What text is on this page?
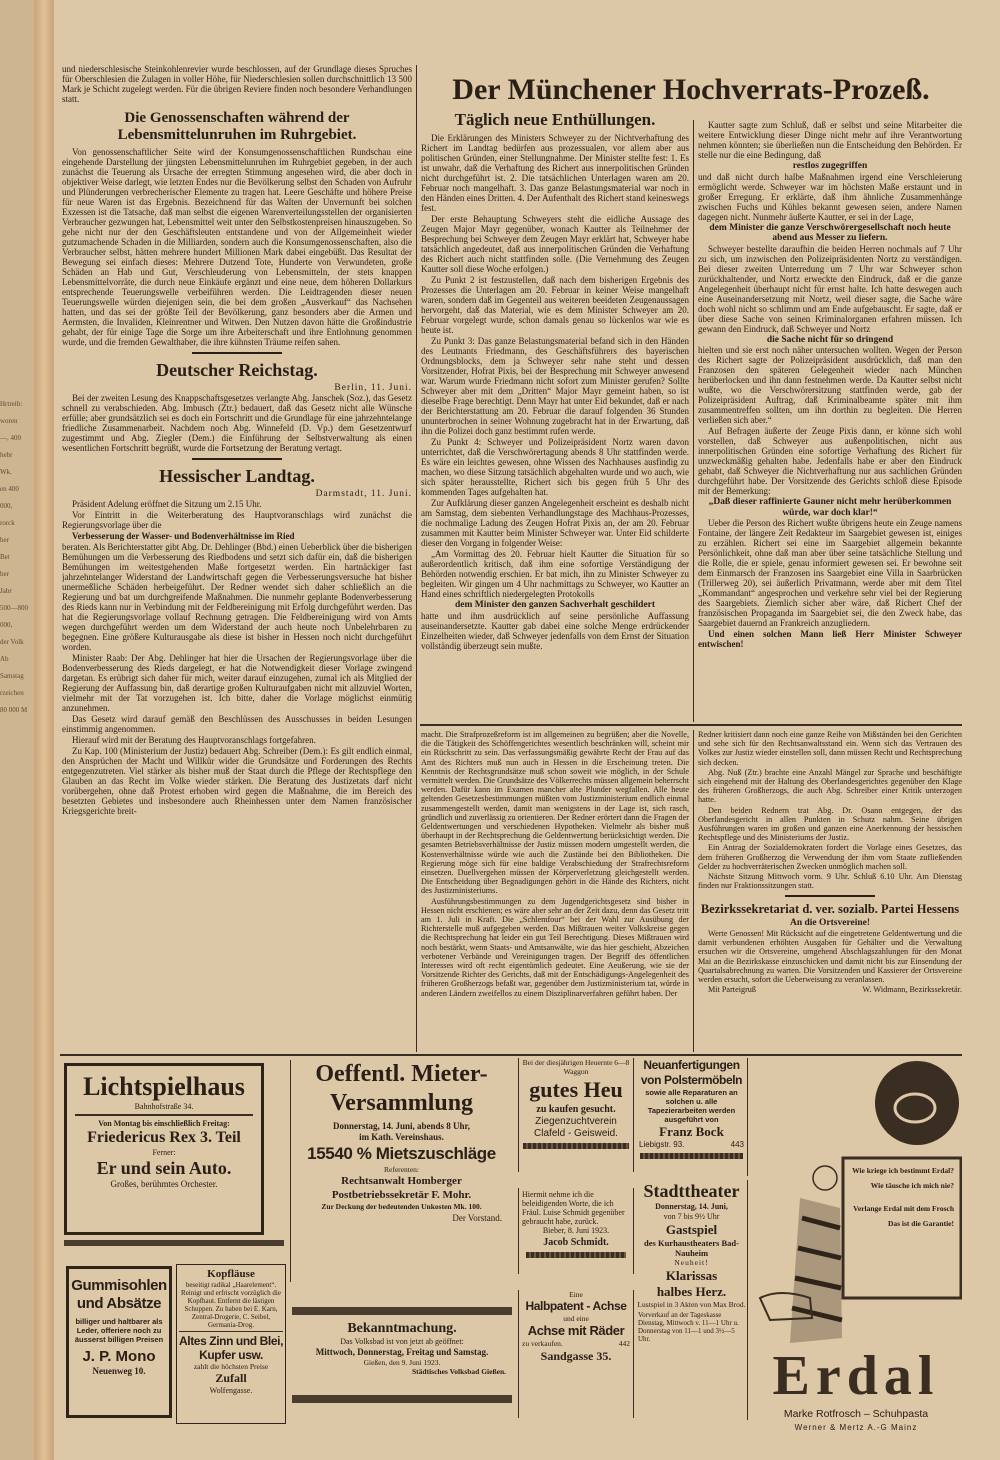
Hrtreib:

woren

—, 400

hebr

Wk.

en 400

000,

rorck

ber

Bet

ber

Jabr

500—800

000,

der Volk

Ab

Samstag

rzeichen

80 000 M

und niederschlesische Steinkohlenrevier wurde beschlossen, auf der Grundlage dieses Spruches für Oberschlesien die Zulagen in voller Höhe, für Niederschlesien sollen durchschnittlich 13 500 Mark je Schicht zugelegt werden. Für die übrigen Reviere finden noch besondere Verhandlungen statt.

Die Genossenschaften während der Lebensmittelunruhen im Ruhrgebiet.

Von genossenschaftlicher Seite wird der Konsumgenossenschaftlichen Rundschau eine eingehende Darstellung der jüngsten Lebensmittelunruhen im Ruhrgebiet gegeben, in der auch zunächst die Teuerung als Ursache der erregten Stimmung angesehen wird, die aber doch in objektiver Weise darlegt, wie letzten Endes nur die Bevölkerung selbst den Schaden von Aufruhr und Plünderungen verbrecherischer Elemente zu tragen hat. Leere Geschäfte und höhere Preise für neue Waren ist das Ergebnis. Bezeichnend für das Walten der Unvernunft bei solchen Exzessen ist die Tatsache, daß man selbst die eigenen Warenverteilungsstellen der organisierten Verbraucher gezwungen hat, Lebensmittel weit unter den Selbstkostenpreisen hinauszugeben. So gehe nicht nur der den Geschäftsleuten entstandene und von der Allgemeinheit wieder gutzumachende Schaden in die Milliarden, sondern auch die Konsumgenossenschaften, also die Verbraucher selbst, hätten mehrere hundert Millionen Mark dabei eingebüßt. Das Resultat der Bewegung sei einfach dieses: Mehrere Dutzend Tote, Hunderte von Verwundeten, große Schäden an Hab und Gut, Verschleuderung von Lebensmitteln, der stets knappen Lebensmittelvorräte, die durch neue Einkäufe ergänzt und eine neue, dem höheren Dollarkurs entsprechende Teuerungswelle verbeiführen werden. Die Leidtragenden dieser neuen Teuerungswelle würden diejenigen sein, die bei dem großen „Ausverkauf“ das Nachsehen hatten, und das sei der größte Teil der Bevölkerung, ganz besonders aber die Armen und Aermsten, die Invaliden, Kleinrentner und Witwen. Den Nutzen davon hätte die Großindustrie gehabt, der für einige Tage die Sorge um ihre Arbeiterschaft und ihre Entlohnung genommen wurde, und die fremden Gewalthaber, die ihre kühnsten Träume reifen sahen.

Deutscher Reichstag.
Berlin, 11. Juni.

Bei der zweiten Lesung des Knappschaftsgesetzes verlangte Abg. Janschek (Soz.), das Gesetz schnell zu verabschieden. Abg. Imbusch (Ztr.) bedauert, daß das Gesetz nicht alle Wünsche erfülle; aber grundsätzlich sei es doch ein Fortschritt und die Grundlage für eine jahrzehntelange friedliche Zusammenarbeit. Nachdem noch Abg. Winnefeld (D. Vp.) dem Gesetzentwurf zugestimmt und Abg. Ziegler (Dem.) die Einführung der Selbstverwaltung als einen wesentlichen Fortschritt begrüßt, wurde die Fortsetzung der Beratung vertagt.

Hessischer Landtag.
Darmstadt, 11. Juni.

Präsident Adelung eröffnet die Sitzung um 2.15 Uhr.

Vor Eintritt in die Weiterberatung des Hauptvoranschlags wird zunächst die Regierungsvorlage über die

Verbesserung der Wasser- und Bodenverhältnisse im Ried

beraten. Als Berichterstatter gibt Abg. Dr. Dehlinger (Bbd.) einen Ueberblick über die bisherigen Bemühungen um die Verbesserung des Riedbodens und setzt sich dafür ein, daß die bisherigen Bemühungen im weitestgehenden Maße fortgesetzt werden. Ein hartnäckiger fast jahrzehntelanger Widerstand der Landwirtschaft gegen die Verbesserungsversuche hat bisher unermeßliche Schäden herbeigeführt. Der Redner wendet sich daher schließlich an die Regierung und bat um durchgreifende Maßnahmen. Die nunmehr geplante Bodenverbesserung des Rieds kann nur in Verbindung mit der Feldbereinigung mit Erfolg durchgeführt werden. Das hat die Regierungsvorlage vollauf Rechnung getragen. Die Feldbereinigung wird von Amts wegen durchgeführt werden um dem Widerstand der auch heute noch Unbelehrbaren zu begegnen. Eine größere Kulturausgabe als diese ist bisher in Hessen noch nicht durchgeführt worden.

Minister Raab: Der Abg. Dehlinger hat hier die Ursachen der Regierungsvorlage über die Bodenverbesserung des Rieds dargelegt, er hat die Notwendigkeit dieser Vorlage zwingend dargetan. Es erübrigt sich daher für mich, weiter darauf einzugehen, zumal ich als Mitglied der Regierung der Auffassung bin, daß derartige großen Kulturaufgaben nicht mit allzuviel Worten, vielmehr mit der Tat vorzugehen ist. Ich bitte, daher die Vorlage möglichst einmütig anzunehmen.

Das Gesetz wird darauf gemäß den Beschlüssen des Ausschusses in beiden Lesungen einstimmig angenommen.

Hierauf wird mit der Beratung des Hauptvoranschlags fortgefahren.

Zu Kap. 100 (Ministerium der Justiz) bedauert Abg. Schreiber (Dem.): Es gilt endlich einmal, den Ansprüchen der Macht und Willkür wider die Grundsätze und Forderungen des Rechts entgegenzutreten. Viel stärker als bisher muß der Staat durch die Pflege der Rechtspflege den Glauben an das Recht im Volke wieder stärken. Die Beratung des Justizetats darf nicht vorübergehen, ohne daß Protest erhoben wird gegen die Maßnahme, die im Bereich des besetzten Gebietes und insbesondere auch Rheinhessen unter dem Namen französischer Kriegsgerichte breit-

Der Münchener Hochverrats-Prozeß.
Täglich neue Enthüllungen.

Die Erklärungen des Ministers Schweyer zu der Nichtverhaftung des Richert im Landtag bedürfen aus prozessualen, vor allem aber aus politischen Gründen, einer Stellungnahme. Der Minister stellte fest: 1. Es ist unwahr, daß die Verhaftung des Richert aus innerpolitischen Gründen nicht durchgeführt ist. 2. Die tatsächlichen Unterlagen waren am 20. Februar noch mangelhaft. 3. Das ganze Belastungsmaterial war noch in den Händen eines Dritten. 4. Der Aufenthalt des Richert stand keineswegs fest.

Der erste Behauptung Schweyers steht die eidliche Aussage des Zeugen Major Mayr gegenüber, wonach Kautter als Teilnehmer der Besprechung bei Schweyer dem Zeugen Mayr erklärt hat, Schweyer habe tatsächlich angedeutet, daß aus innerpolitischen Gründen die Verhaftung des Richert auch nicht stattfinden solle. (Die Vernehmung des Zeugen Kautter soll diese Woche erfolgen.)

Zu Punkt 2 ist festzustellen, daß nach dem bisherigen Ergebnis des Prozesses die Unterlagen am 20. Februar in keiner Weise mangelhaft waren, sondern daß im Gegenteil aus weiteren beeideten Zeugenaussagen hervorgeht, daß das Material, wie es dem Minister Schweyer am 20. Februar vorgelegt wurde, schon damals genau so lückenlos war wie es heute ist.

Zu Punkt 3: Das ganze Belastungsmaterial befand sich in den Händen des Leutnants Friedmann, des Geschäftsführers des bayerischen Ordnungsblocks, dem ja Schweyer sehr nahe steht und dessen Vorsitzender, Hofrat Pixis, bei der Besprechung mit Schweyer anwesend war. Warum wurde Friedmann nicht sofort zum Minister gerufen? Sollte Schweyer aber mit dem „Dritten“ Major Mayr gemeint haben, so ist dieselbe Frage berechtigt. Denn Mayr hat unter Eid bekundet, daß er nach der Berichterstattung am 20. Februar die darauf folgenden 36 Stunden ununterbrochen in seiner Wohnung zugebracht hat in der Erwartung, daß ihn die Polizei doch ganz bestimmt rufen werde.

Zu Punkt 4: Schweyer und Polizeipräsident Nortz waren davon unterrichtet, daß die Verschwörertagung abends 8 Uhr stattfinden werde. Es wäre ein leichtes gewesen, ohne Wissen des Nachhauses ausfindig zu machen, wo diese Sitzung tatsächlich abgehalten wurde und wo auch, wie sich später herausstellte, Richert sich bis gegen früh 5 Uhr des kommenden Tages aufgehalten hat.

Zur Aufklärung dieser ganzen Angelegenheit erscheint es deshalb nicht am Samstag, dem siebenten Verhandlungstage des Machhaus-Prozesses, die nochmalige Ladung des Zeugen Hofrat Pixis an, der am 20. Februar zusammen mit Kautter beim Minister Schweyer war. Unter Eid schilderte dieser den Vorgang in folgender Weise:

„Am Vormittag des 20. Februar hielt Kautter die Situation für so außerordentlich kritisch, daß ihm eine sofortige Verständigung der Behörden notwendig erschien. Er bat mich, ihn zu Minister Schweyer zu begleiten. Wir gingen um 4 Uhr nachmittags zu Schweyer, wo Kautter an Hand eines schriftlich niedergelegten Protokolls

dem Minister den ganzen Sachverhalt geschildert

hatte und ihm ausdrücklich auf seine persönliche Auffassung auseinandersetzte. Kautter gab dabei eine solche Menge erdrückender Einzelheiten wieder, daß Schweyer jedenfalls von dem Ernst der Situation vollständig überzeugt sein mußte.

Kautter sagte zum Schluß, daß er selbst und seine Mitarbeiter die weitere Entwicklung dieser Dinge nicht mehr auf ihre Verantwortung nehmen könnten; sie überließen nun die Entscheidung den Behörden. Er stelle nur die eine Bedingung, daß

restlos zugegriffen

und daß nicht durch halbe Maßnahmen irgend eine Verschleierung ermöglicht werde. Schweyer war im höchsten Maße erstaunt und in großer Erregung. Er erklärte, daß ihm ähnliche Zusammenhänge zwischen Fuchs und Kühles bekannt gewesen seien, andere Namen dagegen nicht. Nunmehr äußerte Kautter, er sei in der Lage,

dem Minister die ganze Verschwörergesellschaft noch heute abend aus Messer zu liefern.

Schweyer bestellte daraufhin die beiden Herren nochmals auf 7 Uhr zu sich, um inzwischen den Polizeipräsidenten Nortz zu verständigen. Bei dieser zweiten Unterredung um 7 Uhr war Schweyer schon zurückhaltender, und Nortz erweckte den Eindruck, daß er die ganze Angelegenheit überhaupt nicht für ernst halte. Ich hatte deswegen auch eine Auseinandersetzung mit Nortz, weil dieser sagte, die Sache wäre doch wohl nicht so schlimm und am Ende aufgebauscht. Er sagte, daß er über diese Sache von seinen Kriminalorganen erfahren müssen. Ich gewann den Eindruck, daß Schweyer und Nortz

die Sache nicht für so dringend

hielten und sie erst noch näher untersuchen wollten. Wegen der Person des Richert sagte der Polizeipräsident ausdrücklich, daß man den Franzosen den späteren Gelegenheit wieder nach München herüberlocken und ihn dann festnehmen werde. Da Kautter selbst nicht wußte, wo die Verschwörersitzung stattfinden werde, gab der Polizeipräsident Auftrag, daß Kriminalbeamte später mit ihm zusammentreffen sollten, um ihn dorthin zu begleiten. Die Herren verließen sich aber.“

Auf Befragen äußerte der Zeuge Pixis dann, er könne sich wohl vorstellen, daß Schweyer aus außenpolitischen, nicht aus innerpolitischen Gründen eine sofortige Verhaftung des Richert für unzweckmäßig gehalten habe. Jedenfalls habe er aber den Eindruck gehabt, daß Schweyer die Nichtverhaftung nur aus sachlichen Gründen durchgeführt habe. Der Vorsitzende des Gerichts schloß diese Episode mit der Bemerkung:

„Daß dieser raffinierte Gauner nicht mehr herüberkommen würde, war doch klar!“

Ueber die Person des Richert wußte übrigens heute ein Zeuge namens Fontaine, der längere Zeit Redakteur im Saargebiet gewesen ist, einiges zu erzählen. Richert sei eine im Saargebiet allgemein bekannte Persönlichkeit, ohne daß man aber über seine tatsächliche Stellung und die Rolle, die er spiele, genau informiert gewesen sei. Er bewohne seit dem Einmarsch der Franzosen ins Saargebiet eine Villa in Saarbrücken (Trillerweg 20), sei äußerlich Privatmann, werde aber mit dem Titel „Kommandant“ angesprochen und verkehre sehr viel bei der Regierung des Saargebiets. Ziemlich sicher aber wäre, daß Richert Chef der französischen Propaganda im Saargebiet sei, die den Zweck habe, das Saargebiet dauernd an Frankreich anzugliedern.

Und einen solchen Mann ließ Herr Minister Schweyer entwischen!

macht. Die Strafprozeßreform ist im allgemeinen zu begrüßen; aber die Novelle, die die Tätigkeit des Schöffengerichtes wesentlich beschränken will, scheint mir ein Rückschritt zu sein. Das verfassungsmäßig gewährte Recht der Frau auf das Amt des Richters muß nun auch in Hessen in die Erscheinung treten. Die Kenntnis der Rechtsgrundsätze muß schon soweit wie möglich, in der Schule vermittelt werden. Die Grundsätze des Völkerrechts müssen allgemein beherrscht werden. Dafür kann im Examen mancher alte Plunder wegfallen. Alle heute geltenden Gesetzesbestimmungen müßten vom Justizministerium endlich einmal zusammengestellt werden, damit man wenigstens in der Lage ist, sich rasch, gründlich und zuverlässig zu orientieren. Der Redner erörtert dann die Fragen der Geldentwertungen und verschiedenen Hypotheken. Vielmehr als bisher muß überhaupt in der Rechtsprechung die Geldentwertung berücksichtigt werden. Die gesamten Betriebsverhältnisse der Justiz müssen modern umgestellt werden, die Kostenverhältnisse würde wie auch die Zustände bei den Bibliotheken. Die Regierung möge sich für eine baldige Verabschiedung der Strafrechtsreform einsetzen. Duellvergehen müssen der Körperverletzung gleichgestellt werden. Die Entscheidung über Begnadigungen gehört in die Hände des Richters, nicht des Justizministeriums.

Ausführungsbestimmungen zu dem Jugendgerichtsgesetz sind bisher in Hessen nicht erschienen; es wäre aber sehr an der Zeit dazu, denn das Gesetz tritt am 1. Juli in Kraft. Die „Schlemfour“ bei der Wahl zur Ausübung der Richterstelle muß aufgegeben werden. Das Mißtrauen weiter Volkskreise gegen die Rechtsprechung hat leider ein gut Teil Berechtigung. Dieses Mißtrauen wird noch bestärkt, wenn Staats- und Amtsanwälte, wie das hier geschieht, Abzeichen verbotener Verbände und Vereinigungen tragen. Der Begriff des öffentlichen Interesses wird oft recht eigentümlich gedeutet. Eine Aeußerung, wie sie der Vorsitzende Richter des Gerichts, daß mit der Entschädigungs-Angelegenheit des früheren Großherzogs befaßt war, gegenüber dem Justizministerium tat, würde in anderen Ländern zweifellos zu einem Disziplinarverfahren geführt haben. Der

Redner kritisiert dann noch eine ganze Reihe von Mißständen bei den Gerichten und sehe sich für den Rechtsanwaltsstand ein. Wenn sich das Vertrauen des Volkes zur Justiz wieder einstellen soll, dann müssen Recht und Rechtsprechung sich decken.

Abg. Nuß (Ztr.) brachte eine Anzahl Mängel zur Sprache und beschäftigte sich eingehend mit der Haltung des Oberlandesgerichtes gegenüber den Klage des früheren Großherzogs, die auch Abg. Schreiber einer Kritik unterzogen hatte.

Den beiden Rednern trat Abg. Dr. Osann entgegen, der das Oberlandesgericht in allen Punkten in Schutz nahm. Seine übrigen Ausführungen waren im großen und ganzen eine Anerkennung der hessischen Rechtspflege und des Ministeriums der Justiz.

Ein Antrag der Sozialdemokraten fordert die Vorlage eines Gesetzes, das dem früheren Großherzog die Verwendung der ihm vom Staate zufließenden Gelder zu hochverräterischen Zwecken unmöglich machen soll.

Nächste Sitzung Mittwoch vorm. 9 Uhr. Schluß 6.10 Uhr. Am Dienstag finden nur Fraktionssitzungen statt.

Bezirkssekretariat d. ver. sozialb. Partei Hessens
An die Ortsvereine!

Werte Genossen! Mit Rücksicht auf die eingetretene Geldentwertung und die damit verbundenen erhöhten Ausgaben für Gehälter und die Verwaltung ersuchen wir die Ortsvereine, umgehend Abschlagszahlungen für den Monat Mai an die Bezirkskasse einzuschicken und damit nicht bis zur Einsendung der Quartalsabrechnung zu warten. Die Vorsitzenden und Kassierer der Ortsvereine werden ersucht, sofort die Ueberweisung zu veranlassen.

Mit Parteigruß	W. Widmann, Bezirkssekretär.

Lichtspielhaus

Bahnhofstraße 34.

Von Montag bis einschließlich Freitag:

Friedericus Rex 3. Teil

Ferner:

Er und sein Auto.

Großes, berühmtes Orchester.

Gummisohlen

und Absätze

billiger und haltbarer als Leder, offeriere noch zu äusserst billigen Preisen

J. P. Mono

Neuenweg 10.

Kopfläuse

beseitigt radikal „Haarelement“. Reinigt und erfrischt vorzüglich die Kopfhaut. Entfernt die lästigen Schuppen. Zu haben bei E. Karn, Zentral-Drogerie, C. Seibel, Germania-Drog.

Altes Zinn und Blei,

Kupfer usw.

zahlt die höchsten Preise

Zufall

Wolfengasse.

Oeffentl. Mieter-

Versammlung

Donnerstag, 14. Juni, abends 8 Uhr,

im Kath. Vereinshaus.

15540 % Mietszuschläge

Referenten:

Rechtsanwalt Homberger

Postbetriebssekretär F. Mohr.

Zur Deckung der bedeutenden Unkosten Mk. 100.

Der Vorstand.

Bekanntmachung.

Das Volksbad ist von jetzt ab geöffnet:

Mittwoch, Donnerstag, Freitag und Samstag.

Gießen, den 9. Juni 1923.

Städtisches Volksbad Gießen.

Bei der diesjährigen Heuernte 6—8 Waggon

gutes Heu

zu kaufen gesucht.

Ziegenzuchtverein

Clafeld - Geisweid.

Hiermit nehme ich die beleidigenden Worte, die ich Fräul. Luise Schmidt gegenüber gebraucht habe, zurück.

Bieber, 8. Juni 1923.

Jacob Schmidt.

Eine

Halbpatent - Achse

und eine

Achse mit Räder

zu verkaufen.	442

Sandgasse 35.

Neuanfertigungen

von Polstermöbeln

sowie alle Reparaturen an solchen u. alle Tapezierarbeiten werden ausgeführt von

Franz Bock

Liebigstr. 93.	443

Stadttheater

Donnerstag, 14. Juni,

von 7 bis 9½ Uhr

Gastspiel

des Kurhaustheaters Bad-Nauheim

Neuheit!

Klarissas

halbes Herz.

Lustspiel in 3 Akten von Max Brod.

Vorverkauf an der Tageskasse Dienstag, Mittwoch v. 11—1 Uhr u. Donnerstag von 11—1 und 3½—5 Uhr.

Wie kriege ich bestimmt Erdal?

Wie täusche ich mich nie?

Verlange Erdal mit dem Frosch

Das ist die Garantie!

Erdal
Marke Rotfrosch – Schuhpasta
Werner & Mertz A.-G Mainz
